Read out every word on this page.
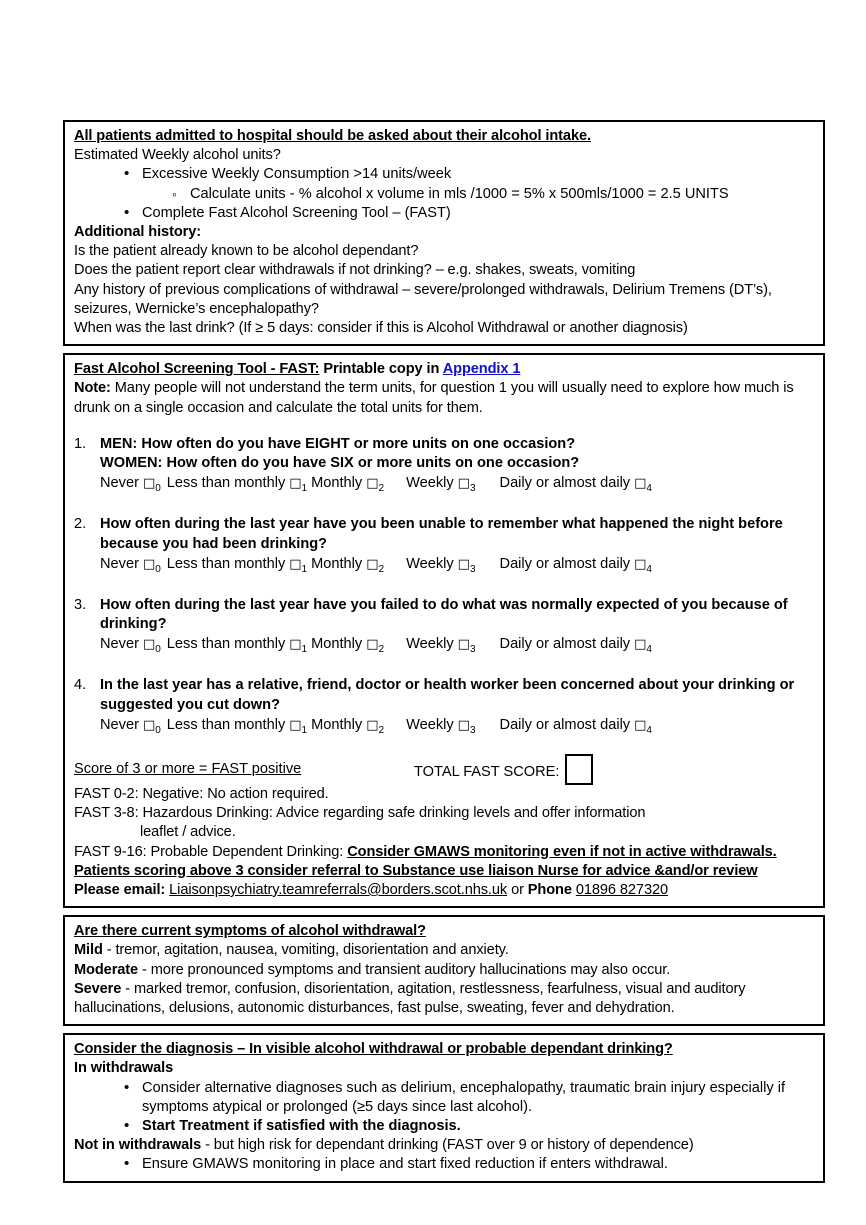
All patients admitted to hospital should be asked about their alcohol intake.
Estimated Weekly alcohol units?
• Excessive Weekly Consumption >14 units/week
◦ Calculate units - % alcohol x volume in mls /1000 = 5% x 500mls/1000 = 2.5 UNITS
• Complete Fast Alcohol Screening Tool – (FAST)
Additional history:
Is the patient already known to be alcohol dependant?
Does the patient report clear withdrawals if not drinking? – e.g. shakes, sweats, vomiting
Any history of previous complications of withdrawal – severe/prolonged withdrawals, Delirium Tremens (DT’s), seizures, Wernicke’s encephalopathy?
When was the last drink? (If ≥ 5 days: consider if this is Alcohol Withdrawal or another diagnosis)
Fast Alcohol Screening Tool - FAST: Printable copy in Appendix 1
Note: Many people will not understand the term units, for question 1 you will usually need to explore how much is drunk on a single occasion and calculate the total units for them.
1. MEN: How often do you have EIGHT or more units on one occasion?
WOMEN: How often do you have SIX or more units on one occasion?
Never $□_0$ Less than monthly $□_1$ Monthly $□_2$ Weekly $□_3$ Daily or almost daily $□_4$
2. How often during the last year have you been unable to remember what happened the night before because you had been drinking?
Never $□_0$ Less than monthly $□_1$ Monthly $□_2$ Weekly $□_3$ Daily or almost daily $□_4$
3. How often during the last year have you failed to do what was normally expected of you because of drinking?
Never $□_0$ Less than monthly $□_1$ Monthly $□_2$ Weekly $□_3$ Daily or almost daily $□_4$
4. In the last year has a relative, friend, doctor or health worker been concerned about your drinking or suggested you cut down?
Never $□_0$ Less than monthly $□_1$ Monthly $□_2$ Weekly $□_3$ Daily or almost daily $□_4$
Score of 3 or more = FAST positive	TOTAL FAST SCORE:
FAST 0-2: Negative: No action required.
FAST 3-8: Hazardous Drinking: Advice regarding safe drinking levels and offer information
leaflet / advice.
FAST 9-16: Probable Dependent Drinking: Consider GMAWS monitoring even if not in active withdrawals.
Patients scoring above 3 consider referral to Substance use liaison Nurse for advice &and/or review
Please email: Liaisonpsychiatry.teamreferrals@borders.scot.nhs.uk or Phone 01896 827320
Are there current symptoms of alcohol withdrawal?
Mild - tremor, agitation, nausea, vomiting, disorientation and anxiety.
Moderate - more pronounced symptoms and transient auditory hallucinations may also occur.
Severe - marked tremor, confusion, disorientation, agitation, restlessness, fearfulness, visual and auditory hallucinations, delusions, autonomic disturbances, fast pulse, sweating, fever and dehydration.
Consider the diagnosis – In visible alcohol withdrawal or probable dependant drinking?
In withdrawals
• Consider alternative diagnoses such as delirium, encephalopathy, traumatic brain injury especially if symptoms atypical or prolonged (≥5 days since last alcohol).
• Start Treatment if satisfied with the diagnosis.
Not in withdrawals - but high risk for dependant drinking (FAST over 9 or history of dependence)
• Ensure GMAWS monitoring in place and start fixed reduction if enters withdrawal.
